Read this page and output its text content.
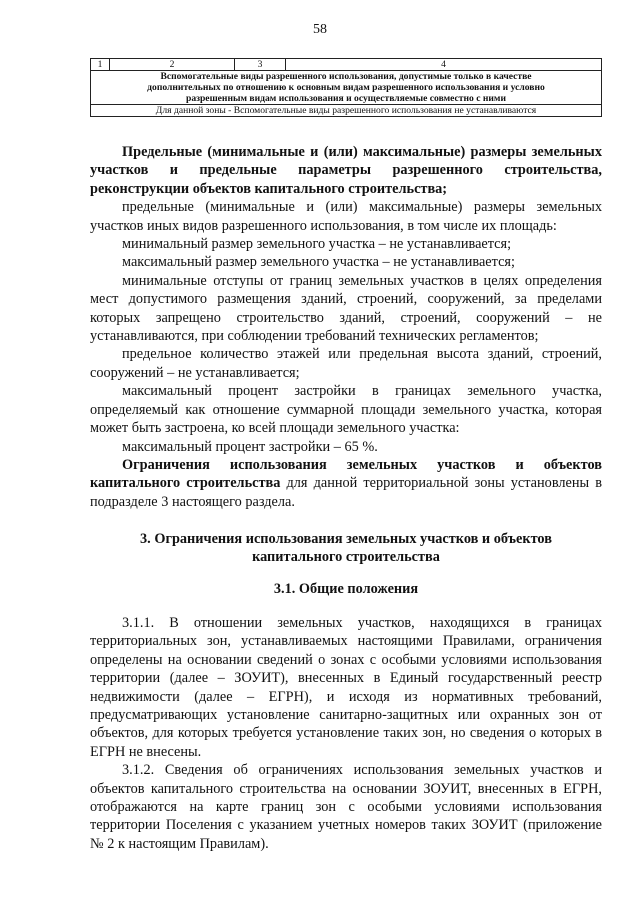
58
1	2	3	4

Вспомогательные виды разрешенного использования, допустимые только в качестве
дополнительных по отношению к основным видам разрешенного использования и условно
разрешенным видам использования и осуществляемые совместно с ними

Для данной зоны - Вспомогательные виды разрешенного использования не устанавливаются

Предельные (минимальные и (или) максимальные) размеры земельных участков и предельные параметры разрешенного строительства, реконструкции объектов капитального строительства;

предельные (минимальные и (или) максимальные) размеры земельных участков иных видов разрешенного использования, в том числе их площадь:

минимальный размер земельного участка – не устанавливается;

максимальный размер земельного участка – не устанавливается;

минимальные отступы от границ земельных участков в целях определения мест допустимого размещения зданий, строений, сооружений, за пределами которых запрещено строительство зданий, строений, сооружений – не устанавливаются, при соблюдении требований технических регламентов;

предельное количество этажей или предельная высота зданий, строений, сооружений – не устанавливается;

максимальный процент застройки в границах земельного участка, определяемый как отношение суммарной площади земельного участка, которая может быть застроена, ко всей площади земельного участка:

максимальный процент застройки – 65 %.

Ограничения использования земельных участков и объектов капитального строительства для данной территориальной зоны установлены в подразделе 3 настоящего раздела.

3. Ограничения использования земельных участков и объектов
капитального строительства
3.1. Общие положения

3.1.1. В отношении земельных участков, находящихся в границах территориальных зон, устанавливаемых настоящими Правилами, ограничения определены на основании сведений о зонах с особыми условиями использования территории (далее – ЗОУИТ), внесенных в Единый государственный реестр недвижимости (далее – ЕГРН), и исходя из нормативных требований, предусматривающих установление санитарно-защитных или охранных зон от объектов, для которых требуется установление таких зон, но сведения о которых в ЕГРН не внесены.

3.1.2. Сведения об ограничениях использования земельных участков и объектов капитального строительства на основании ЗОУИТ, внесенных в ЕГРН, отображаются на карте границ зон с особыми условиями использования территории Поселения с указанием учетных номеров таких ЗОУИТ (приложение № 2 к настоящим Правилам).
